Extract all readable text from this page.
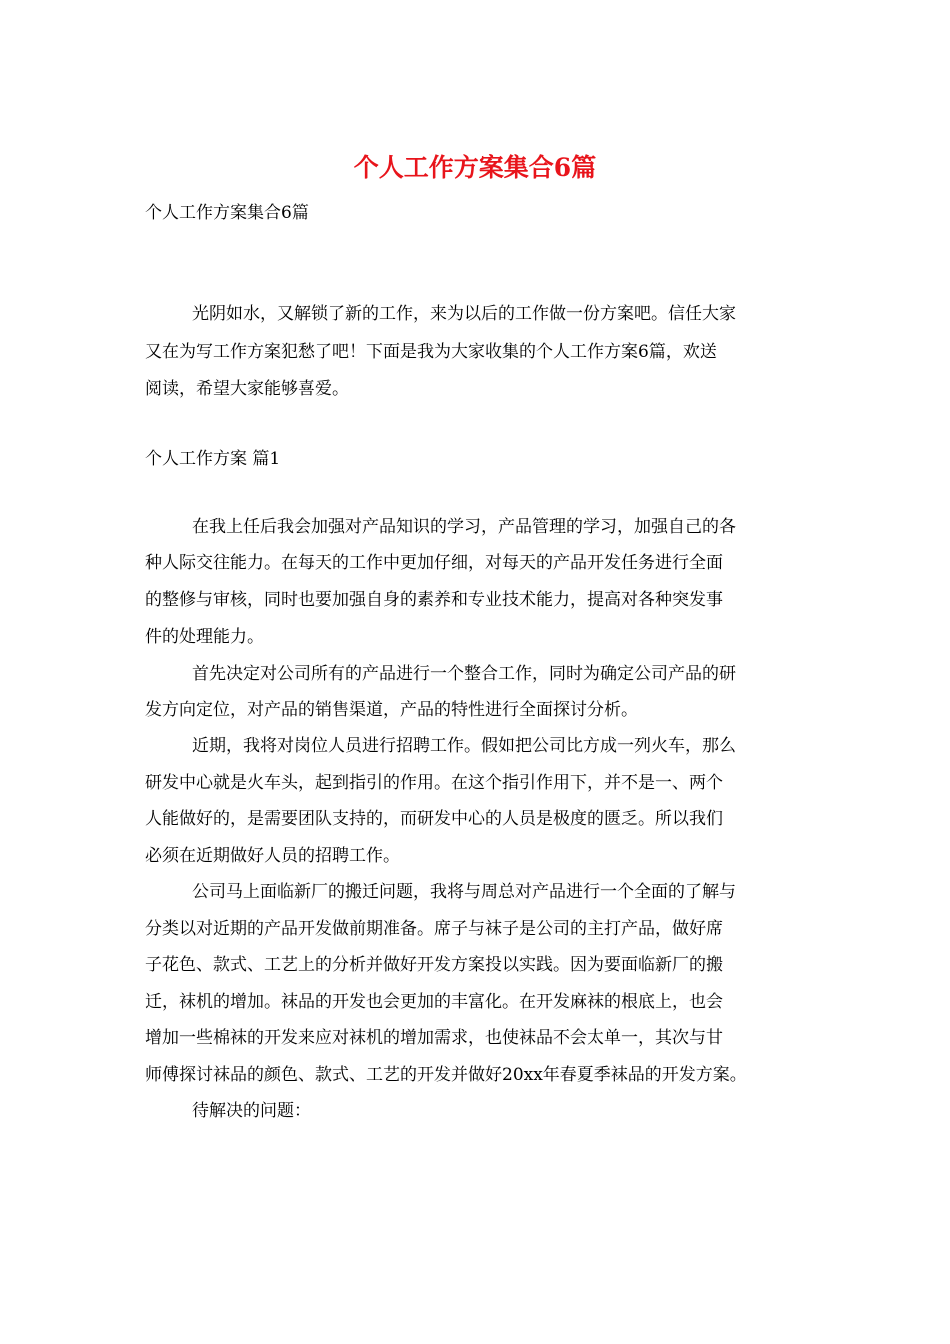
个人工作方案集合6篇

个人工作方案集合6篇

光阴如水，又解锁了新的工作，来为以后的工作做一份方案吧。信任大家

又在为写工作方案犯愁了吧！下面是我为大家收集的个人工作方案6篇，欢送

阅读，希望大家能够喜爱。

个人工作方案 篇1

在我上任后我会加强对产品知识的学习，产品管理的学习，加强自己的各

种人际交往能力。在每天的工作中更加仔细，对每天的产品开发任务进行全面

的整修与审核，同时也要加强自身的素养和专业技术能力，提高对各种突发事

件的处理能力。

首先决定对公司所有的产品进行一个整合工作，同时为确定公司产品的研

发方向定位，对产品的销售渠道，产品的特性进行全面探讨分析。

近期，我将对岗位人员进行招聘工作。假如把公司比方成一列火车，那么

研发中心就是火车头，起到指引的作用。在这个指引作用下，并不是一、两个

人能做好的，是需要团队支持的，而研发中心的人员是极度的匮乏。所以我们

必须在近期做好人员的招聘工作。

公司马上面临新厂的搬迁问题，我将与周总对产品进行一个全面的了解与

分类以对近期的产品开发做前期准备。席子与袜子是公司的主打产品，做好席

子花色、款式、工艺上的分析并做好开发方案投以实践。因为要面临新厂的搬

迁，袜机的增加。袜品的开发也会更加的丰富化。在开发麻袜的根底上，也会

增加一些棉袜的开发来应对袜机的增加需求，也使袜品不会太单一，其次与甘

师傅探讨袜品的颜色、款式、工艺的开发并做好20xx年春夏季袜品的开发方案。

待解决的问题：
